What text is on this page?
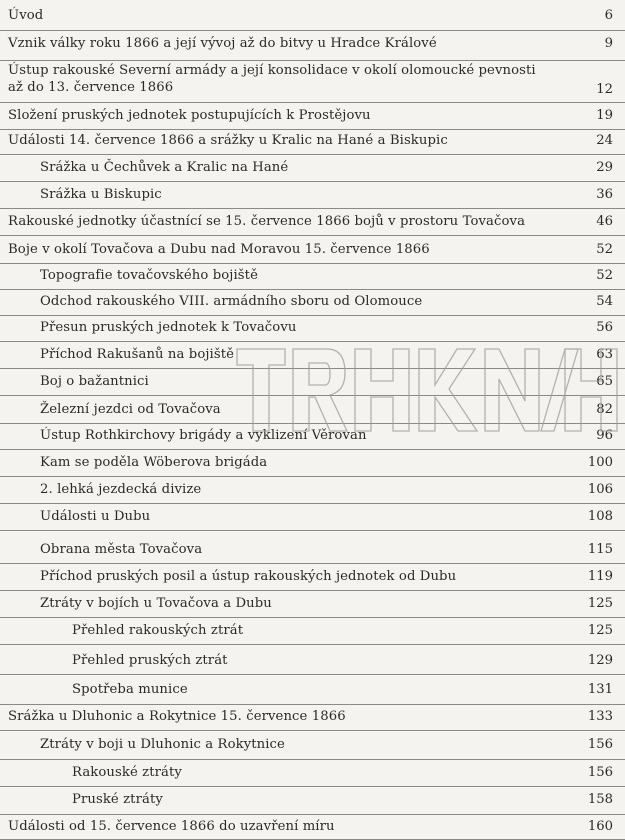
Úvod	6
Vznik války roku 1866 a její vývoj až do bitvy u Hradce Králové	9
Ústup rakouské Severní armády a její konsolidace v okolí olomoucké pevnosti až do 13. července 1866	12
Složení pruských jednotek postupujících k Prostějovu	19
Události 14. července 1866 a srážky u Kralic na Hané a Biskupic	24
Srážka u Čechůvek a Kralic na Hané	29
Srážka u Biskupic	36
Rakouské jednotky účastnící se 15. července 1866 bojů v prostoru Tovačova	46
Boje v okolí Tovačova a Dubu nad Moravou 15. července 1866	52
Topografie tovačovského bojiště	52
Odchod rakouského VIII. armádního sboru od Olomouce	54
Přesun pruských jednotek k Tovačovu	56
Příchod Rakušanů na bojiště	63
Boj o bažantnici	65
Železní jezdci od Tovačova	82
Ústup Rothkirchovy brigády a vyklizení Věrovan	96
Kam se poděla Wöberova brigáda	100
2. lehká jezdecká divize	106
Události u Dubu	108
Obrana města Tovačova	115
Příchod pruských posil a ústup rakouských jednotek od Dubu	119
Ztráty v bojích u Tovačova a Dubu	125
Přehled rakouských ztrát	125
Přehled pruských ztrát	129
Spotřeba munice	131
Srážka u Dluhonic a Rokytnice 15. července 1866	133
Ztráty v boji u Dluhonic a Rokytnice	156
Rakouské ztráty	156
Pruské ztráty	158
Události od 15. července 1866 do uzavření míru	160
